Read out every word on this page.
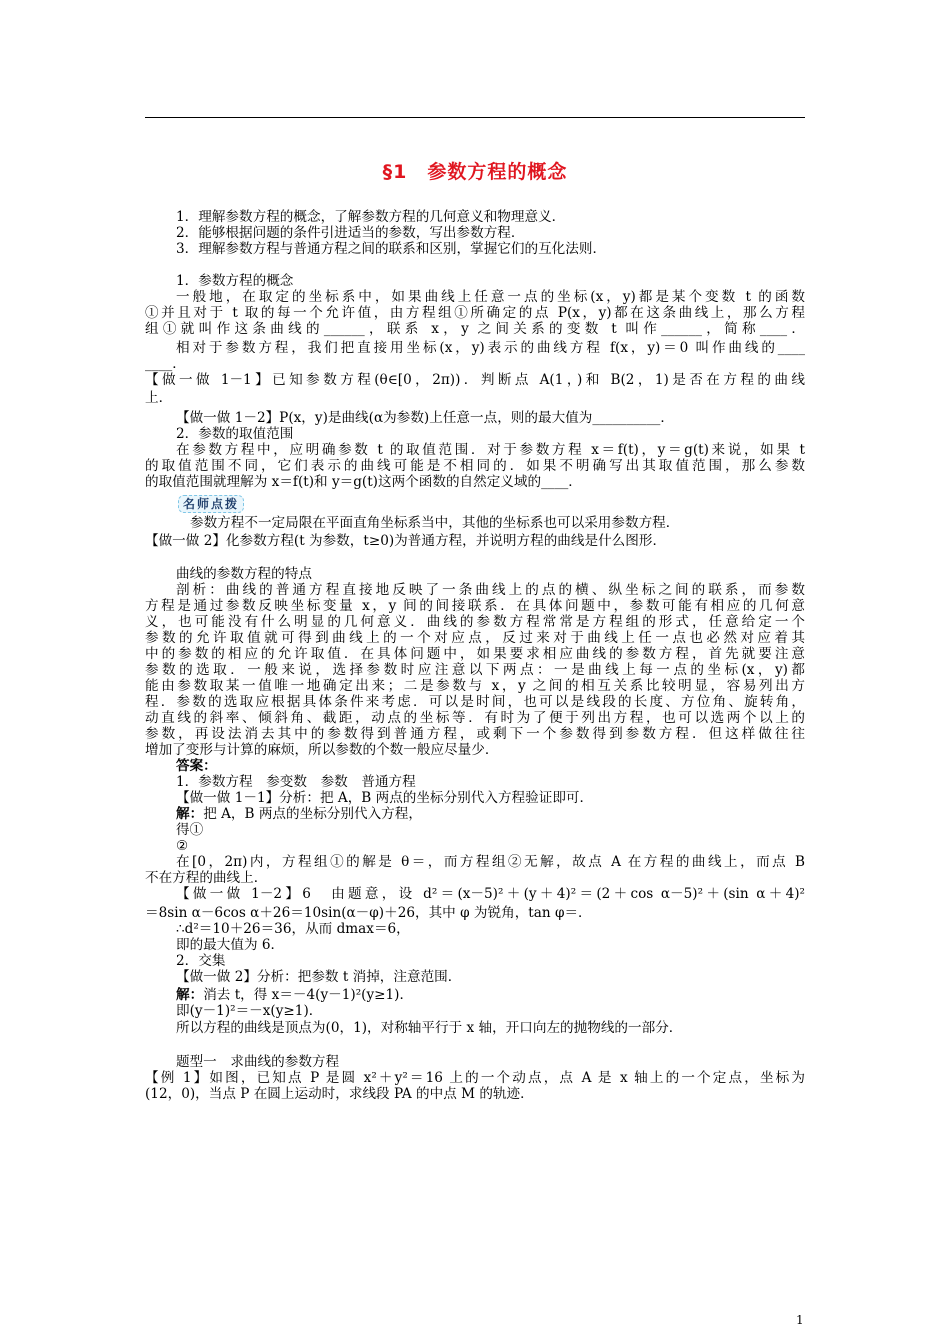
§1　参数方程的概念
1．理解参数方程的概念，了解参数方程的几何意义和物理意义．
2．能够根据问题的条件引进适当的参数，写出参数方程．
3．理解参数方程与普通方程之间的联系和区别，掌握它们的互化法则．
1．参数方程的概念
一般地，在取定的坐标系中，如果曲线上任意一点的坐标(x，y)都是某个变数 t 的函数
①并且对于 t 取的每一个允许值，由方程组①所确定的点 P(x，y)都在这条曲线上，那么方程
组①就叫作这条曲线的______，联系 x，y 之间关系的变数 t 叫作______，简称____．
相对于参数方程，我们把直接用坐标(x，y)表示的曲线方程 f(x，y)＝0 叫作曲线的____
____．
【做一做 1－1】已知参数方程(θ∈[0，2π))．判断点 A(1，)和 B(2，1)是否在方程的曲线
上．
【做一做 1－2】P(x，y)是曲线(α为参数)上任意一点，则的最大值为__________．
2．参数的取值范围
在参数方程中，应明确参数 t 的取值范围．对于参数方程 x＝f(t)，y＝g(t)来说，如果 t
的取值范围不同，它们表示的曲线可能是不相同的．如果不明确写出其取值范围，那么参数
的取值范围就理解为 x＝f(t)和 y＝g(t)这两个函数的自然定义域的____．
名师点拨
参数方程不一定局限在平面直角坐标系当中，其他的坐标系也可以采用参数方程．
【做一做 2】化参数方程(t 为参数，t≥0)为普通方程，并说明方程的曲线是什么图形．
曲线的参数方程的特点
剖析：曲线的普通方程直接地反映了一条曲线上的点的横、纵坐标之间的联系，而参数
方程是通过参数反映坐标变量 x，y 间的间接联系．在具体问题中，参数可能有相应的几何意
义，也可能没有什么明显的几何意义．曲线的参数方程常常是方程组的形式，任意给定一个
参数的允许取值就可得到曲线上的一个对应点，反过来对于曲线上任一点也必然对应着其
中的参数的相应的允许取值．在具体问题中，如果要求相应曲线的参数方程，首先就要注意
参数的选取．一般来说，选择参数时应注意以下两点：一是曲线上每一点的坐标(x，y)都
能由参数取某一值唯一地确定出来；二是参数与 x，y 之间的相互关系比较明显，容易列出方
程．参数的选取应根据具体条件来考虑．可以是时间，也可以是线段的长度、方位角、旋转角，
动直线的斜率、倾斜角、截距，动点的坐标等．有时为了便于列出方程，也可以选两个以上的
参数，再设法消去其中的参数得到普通方程，或剩下一个参数得到参数方程．但这样做往往
增加了变形与计算的麻烦，所以参数的个数一般应尽量少．
答案：
1．参数方程　参变数　参数　普通方程
【做一做 1－1】分析：把 A，B 两点的坐标分别代入方程验证即可．
解：把 A，B 两点的坐标分别代入方程，
得①
②
在[0，2π)内，方程组①的解是 θ＝，而方程组②无解，故点 A 在方程的曲线上，而点 B
不在方程的曲线上．
【做一做 1－2】6　由题意，设 d²＝(x－5)²＋(y＋4)²＝(2＋cos α－5)²＋(sin α＋4)²
＝8sin α－6cos α＋26＝10sin(α－φ)＋26，其中 φ 为锐角，tan φ＝．
∴d²＝10＋26＝36，从而 dmax＝6，
即的最大值为 6．
2．交集
【做一做 2】分析：把参数 t 消掉，注意范围．
解：消去 t，得 x＝－4(y－1)²(y≥1)．
即(y－1)²＝－x(y≥1)．
所以方程的曲线是顶点为(0，1)，对称轴平行于 x 轴，开口向左的抛物线的一部分．
题型一　求曲线的参数方程
【例 1】如图，已知点 P 是圆 x²＋y²＝16 上的一个动点，点 A 是 x 轴上的一个定点，坐标为
(12，0)，当点 P 在圆上运动时，求线段 PA 的中点 M 的轨迹．
1
